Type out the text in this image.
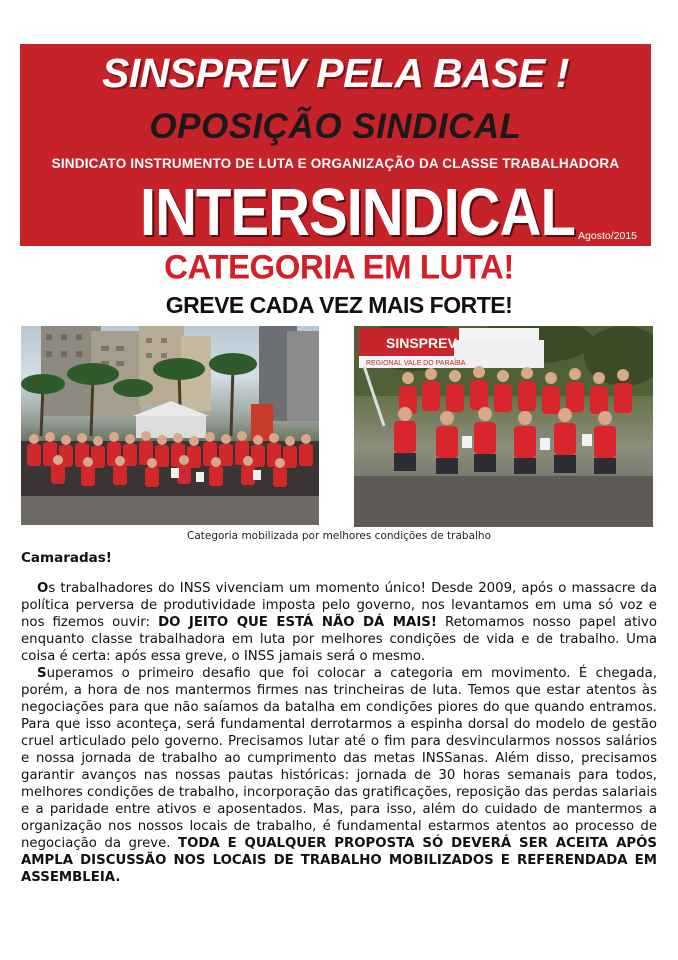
SINSPREV PELA BASE !
OPOSIÇÃO SINDICAL
SINDICATO INSTRUMENTO DE LUTA E ORGANIZAÇÃO DA CLASSE TRABALHADORA
INTERSINDICAL Agosto/2015
CATEGORIA EM LUTA!
GREVE CADA VEZ MAIS FORTE!
SINSPREV
REGIONAL VALE DO PARAÍBA
Categoria mobilizada por melhores condições de trabalho
Camaradas!

Os trabalhadores do INSS vivenciam um momento único! Desde 2009, após o massacre da política perversa de produtividade imposta pelo governo, nos levantamos em uma só voz e nos fizemos ouvir: DO JEITO QUE ESTÁ NÃO DÁ MAIS! Retomamos nosso papel ativo enquanto classe trabalhadora em luta por melhores condições de vida e de trabalho. Uma coisa é certa: após essa greve, o INSS jamais será o mesmo.

Superamos o primeiro desafio que foi colocar a categoria em movimento. É chegada, porém, a hora de nos mantermos firmes nas trincheiras de luta. Temos que estar atentos às negociações para que não saíamos da batalha em condições piores do que quando entramos. Para que isso aconteça, será fundamental derrotarmos a espinha dorsal do modelo de gestão cruel articulado pelo governo. Precisamos lutar até o fim para desvincularmos nossos salários e nossa jornada de trabalho ao cumprimento das metas INSSanas. Além disso, precisamos garantir avanços nas nossas pautas históricas: jornada de 30 horas semanais para todos, melhores condições de trabalho, incorporação das gratificações, reposição das perdas salariais e a paridade entre ativos e aposentados. Mas, para isso, além do cuidado de mantermos a organização nos nossos locais de trabalho, é fundamental estarmos atentos ao processo de negociação da greve. TODA E QUALQUER PROPOSTA SÓ DEVERÁ SER ACEITA APÓS AMPLA DISCUSSÃO NOS LOCAIS DE TRABALHO MOBILIZADOS E REFERENDADA EM ASSEMBLEIA.
